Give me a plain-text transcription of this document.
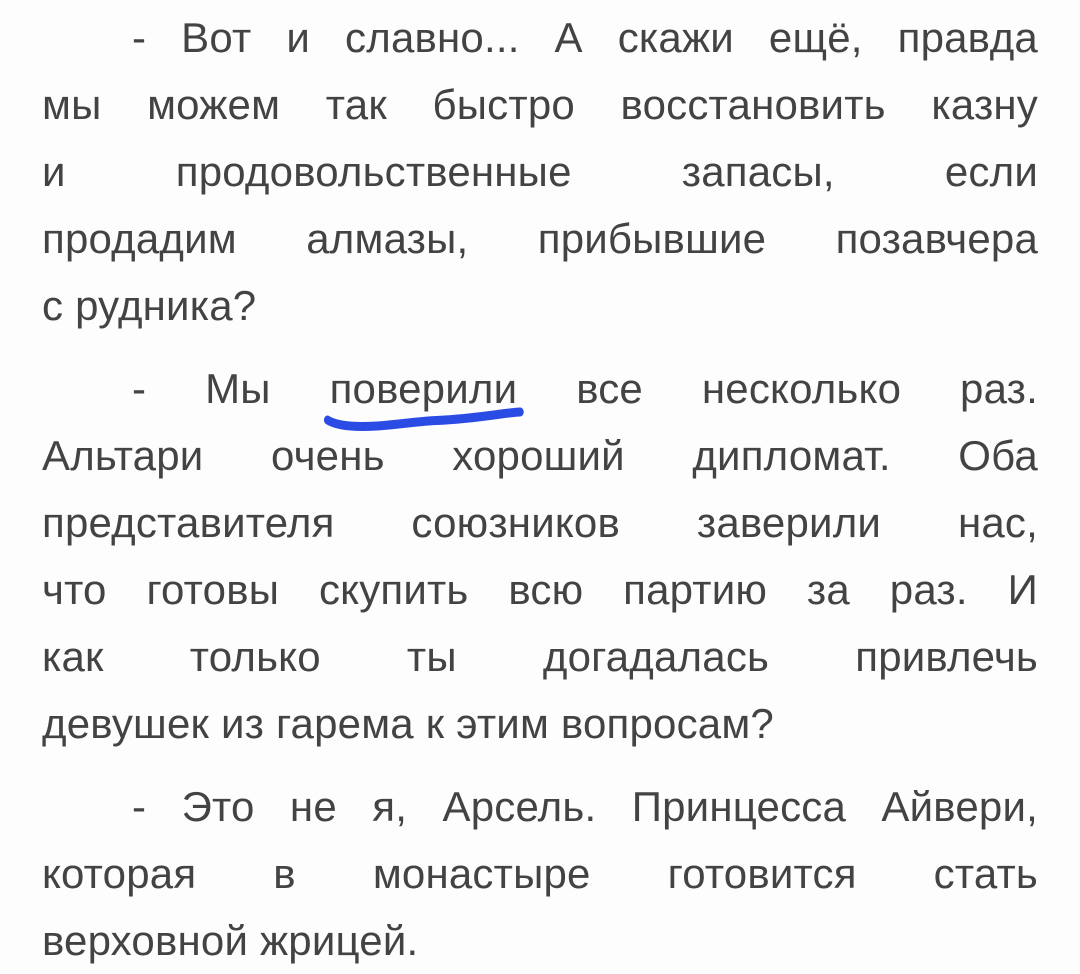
- Вот и славно... А скажи ещё, правда
мы можем так быстро восстановить казну
и продовольственные запасы, если
продадим алмазы, прибывшие позавчера
с рудника?
- Мы поверили
все несколько раз.
Альтари очень хороший дипломат. Оба
представителя союзников заверили нас,
что готовы скупить всю партию за раз. И
как только ты догадалась привлечь
девушек из гарема к этим вопросам?
- Это не я, Арсель. Принцесса Айвери,
которая в монастыре готовится стать
верховной жрицей.
